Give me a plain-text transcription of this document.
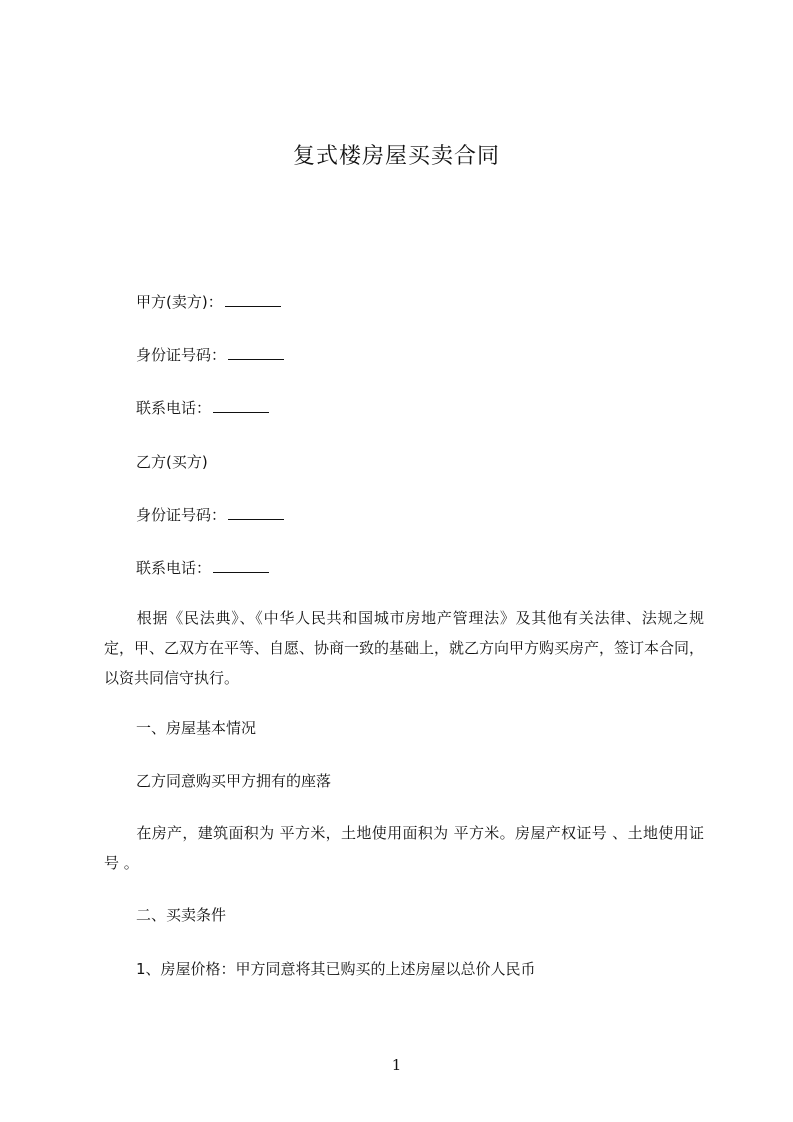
复式楼房屋买卖合同
甲方(卖方)：
身份证号码：
联系电话：
乙方(买方)
身份证号码：
联系电话：
根据《民法典》、《中华人民共和国城市房地产管理法》及其他有关法律、法规之规定，甲、乙双方在平等、自愿、协商一致的基础上，就乙方向甲方购买房产，签订本合同，以资共同信守执行。
一、房屋基本情况
乙方同意购买甲方拥有的座落
在房产，建筑面积为 平方米，土地使用面积为 平方米。房屋产权证号 、土地使用证号 。
二、买卖条件
1、房屋价格：甲方同意将其已购买的上述房屋以总价人民币
1
